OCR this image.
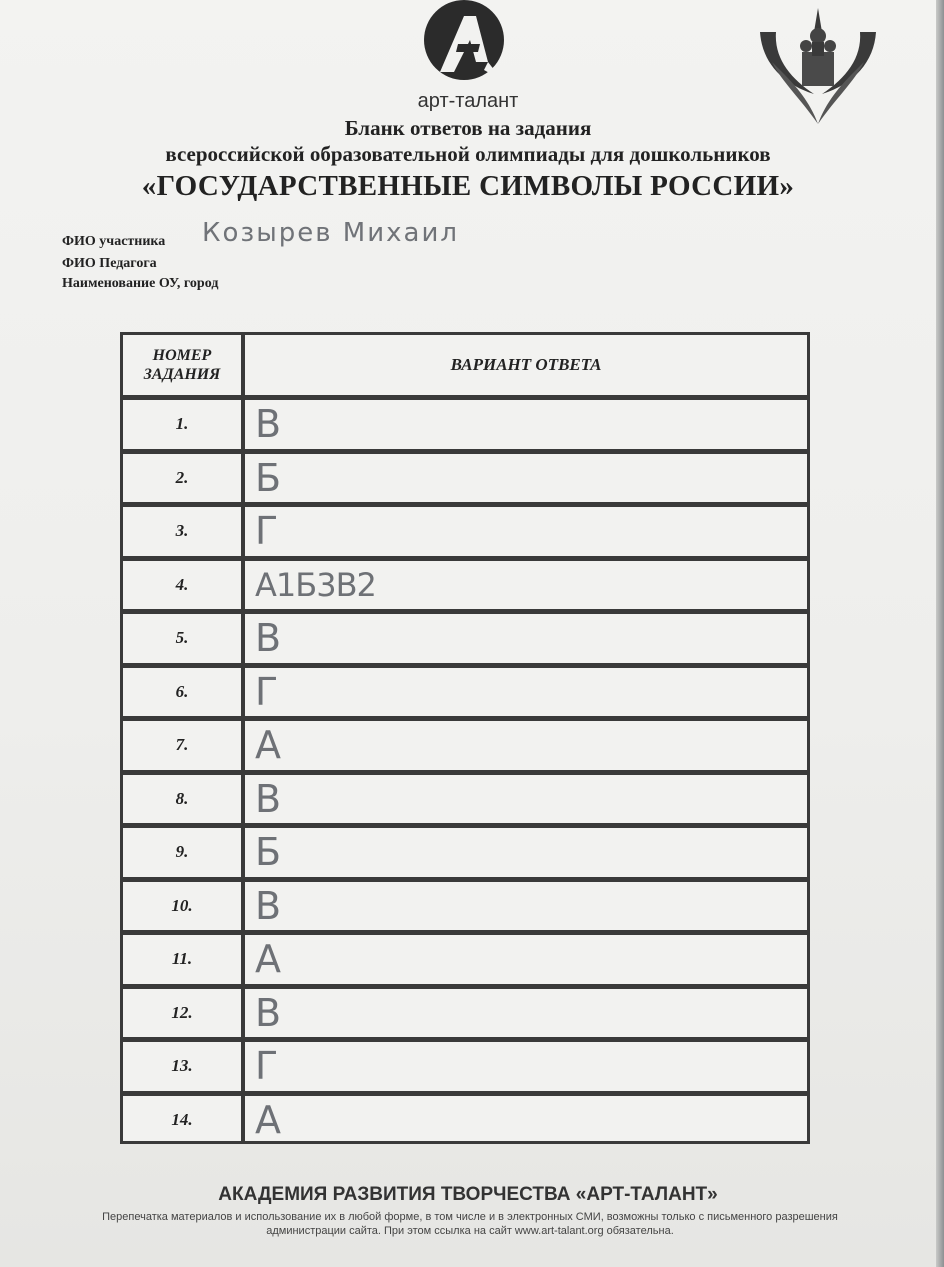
арт-талант
Бланк ответов на задания
всероссийской образовательной олимпиады для дошкольников
«ГОСУДАРСТВЕННЫЕ СИМВОЛЫ РОССИИ»
ФИО участника Козырев Михаил
ФИО Педагога
Наименование ОУ, город
НОМЕР ЗАДАНИЯ
ВАРИАНТ ОТВЕТА
1.	В
2.	Б
3.	Г
4.	А1Б3В2
5.	В
6.	Г
7.	А
8.	В
9.	Б
10.	В
11.	А
12.	В
13.	Г
14.	А
АКАДЕМИЯ РАЗВИТИЯ ТВОРЧЕСТВА «АРТ-ТАЛАНТ»
Перепечатка материалов и использование их в любой форме, в том числе и в электронных СМИ, возможны только с письменного разрешения администрации сайта. При этом ссылка на сайт www.art-talant.org обязательна.
